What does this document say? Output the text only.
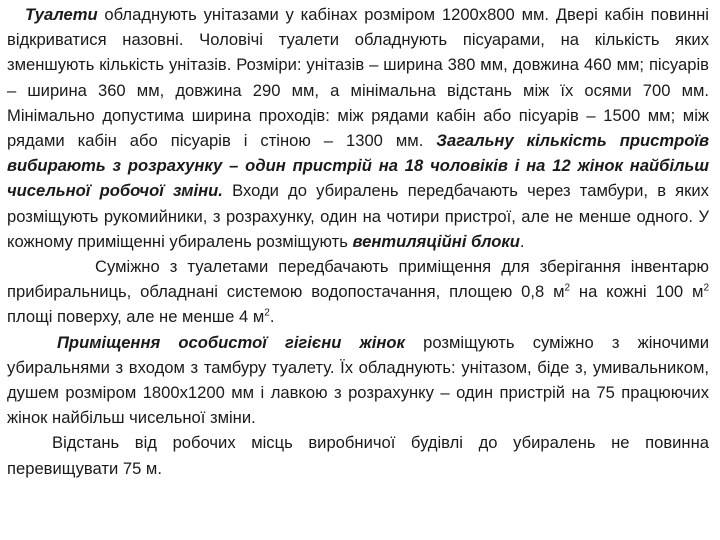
Туалети обладнують унітазами у кабінах розміром 1200х800 мм. Двері кабін повинні відкриватися назовні. Чоловічі туалети обладнують пісуарами, на кількість яких зменшують кількість унітазів. Розміри: унітазів – ширина 380 мм, довжина 460 мм; пісуарів – ширина 360 мм, довжина 290 мм, а мінімальна відстань між їх осями 700 мм. Мінімально допустима ширина проходів: між рядами кабін або пісуарів – 1500 мм; між рядами кабін або пісуарів і стіною – 1300 мм. Загальну кількість пристроїв вибирають з розрахунку – один пристрій на 18 чоловіків і на 12 жінок найбільш чисельної робочої зміни. Входи до убиралень передбачають через тамбури, в яких розміщують рукомийники, з розрахунку, один на чотири пристрої, але не менше одного. У кожному приміщенні убиралень розміщують вентиляційні блоки.

Суміжно з туалетами передбачають приміщення для зберігання інвентарю прибиральниць, обладнані системою водопостачання, площею 0,8 $м^2$ на кожні 100 $м^2$ площі поверху, але не менше 4 $м^2$.

Приміщення особистої гігієни жінок розміщують суміжно з жіночими убиральнями з входом з тамбуру туалету. Їх обладнують: унітазом, біде з, умивальником, душем розміром 1800х1200 мм і лавкою з розрахунку – один пристрій на 75 працюючих жінок найбільш чисельної зміни.

Відстань від робочих місць виробничої будівлі до убиралень не повинна перевищувати 75 м.
